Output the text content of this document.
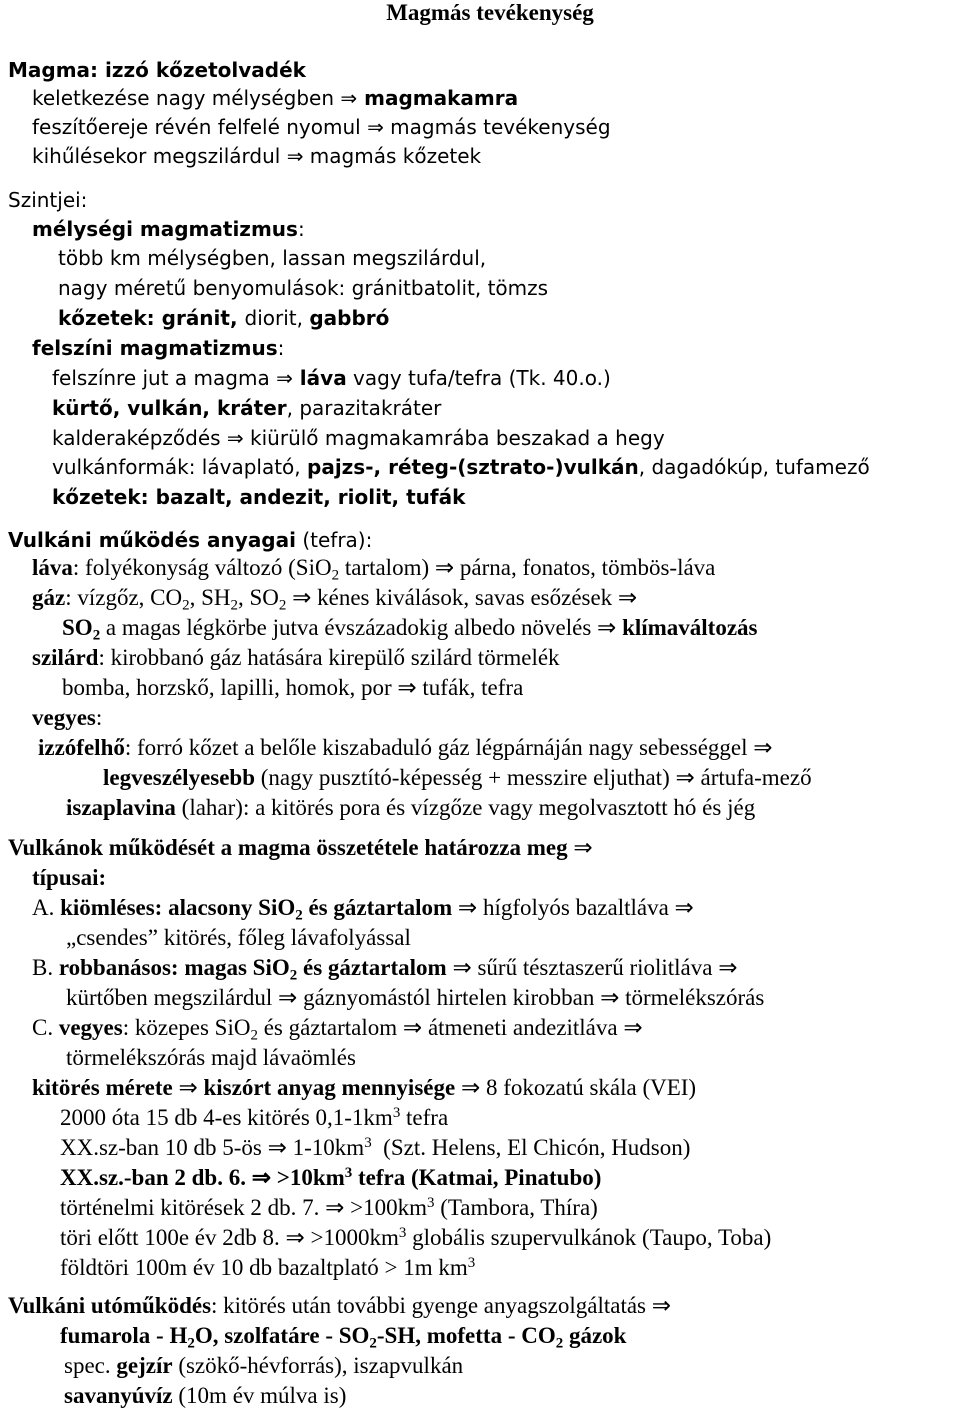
Magmás tevékenység
Magma: izzó kőzetolvadék
keletkezése nagy mélységben ⇒ magmakamra
feszítőereje révén felfelé nyomul ⇒ magmás tevékenység
kihűlésekor megszilárdul ⇒ magmás kőzetek
Szintjei:
mélységi magmatizmus:
több km mélységben, lassan megszilárdul,
nagy méretű benyomulások: gránitbatolit, tömzs
kőzetek: gránit, diorit, gabbró
felszíni magmatizmus:
felszínre jut a magma ⇒ láva vagy tufa/tefra (Tk. 40.o.)
kürtő, vulkán, kráter, parazitakráter
kalderaképződés ⇒ kiürülő magmakamrába beszakad a hegy
vulkánformák: lávaplató, pajzs-, réteg-(sztrato-)vulkán, dagadókúp, tufamező
kőzetek: bazalt, andezit, riolit, tufák
Vulkáni működés anyagai (tefra):
láva: folyékonyság változó (SiO$_2$ tartalom) ⇒ párna, fonatos, tömbös-láva
gáz: vízgőz, $CO_2$, $SH_2$, $SO_2$ ⇒ kénes kiválások, savas esőzések ⇒
$SO_2$ a magas légkörbe jutva évszázadokig albedo növelés ⇒ klímaváltozás
szilárd: kirobbanó gáz hatására kirepülő szilárd törmelék
bomba, horzskő, lapilli, homok, por ⇒ tufák, tefra
vegyes:
izzófelhő: forró kőzet a belőle kiszabaduló gáz légpárnáján nagy sebességgel ⇒
legveszélyesebb (nagy pusztító-képesség + messzire eljuthat) ⇒ ártufa-mező
iszaplavina (lahar): a kitörés pora és vízgőze vagy megolvasztott hó és jég
Vulkánok működését a magma összetétele határozza meg ⇒
típusai:
A. kiömléses: alacsony SiO$_2$ és gáztartalom ⇒ hígfolyós bazaltláva ⇒
„csendes” kitörés, főleg lávafolyással
B. robbanásos: magas SiO$_2$ és gáztartalom ⇒ sűrű tésztaszerű riolitláva ⇒
kürtőben megszilárdul ⇒ gáznyomástól hirtelen kirobban ⇒ törmelékszórás
C. vegyes: közepes SiO$_2$ és gáztartalom ⇒ átmeneti andezitláva ⇒
törmelékszórás majd lávaömlés
kitörés mérete ⇒ kiszórt anyag mennyisége ⇒ 8 fokozatú skála (VEI)
2000 óta 15 db 4-es kitörés $0,1-1km^3$ tefra
XX.sz-ban 10 db 5-ös ⇒ $1-10km^3$  (Szt. Helens, El Chicón, Hudson)
XX.sz.-ban 2 db. 6. ⇒ $>10km^3$ tefra (Katmai, Pinatubo)
történelmi kitörések 2 db. 7. ⇒ $>100km^3$ (Tambora, Thíra)
töri előtt 100e év 2db 8. ⇒ $>1000km^3$ globális szupervulkánok (Taupo, Toba)
földtöri 100m év 10 db bazaltplató > 1m $km^3$
Vulkáni utóműködés: kitörés után további gyenge anyagszolgáltatás ⇒
fumarola - $H_2O$, szolfatáre - $SO_2-SH$, mofetta - $CO_2$ gázok
spec. gejzír (szökő-hévforrás), iszapvulkán
savanyúvíz (10m év múlva is)
